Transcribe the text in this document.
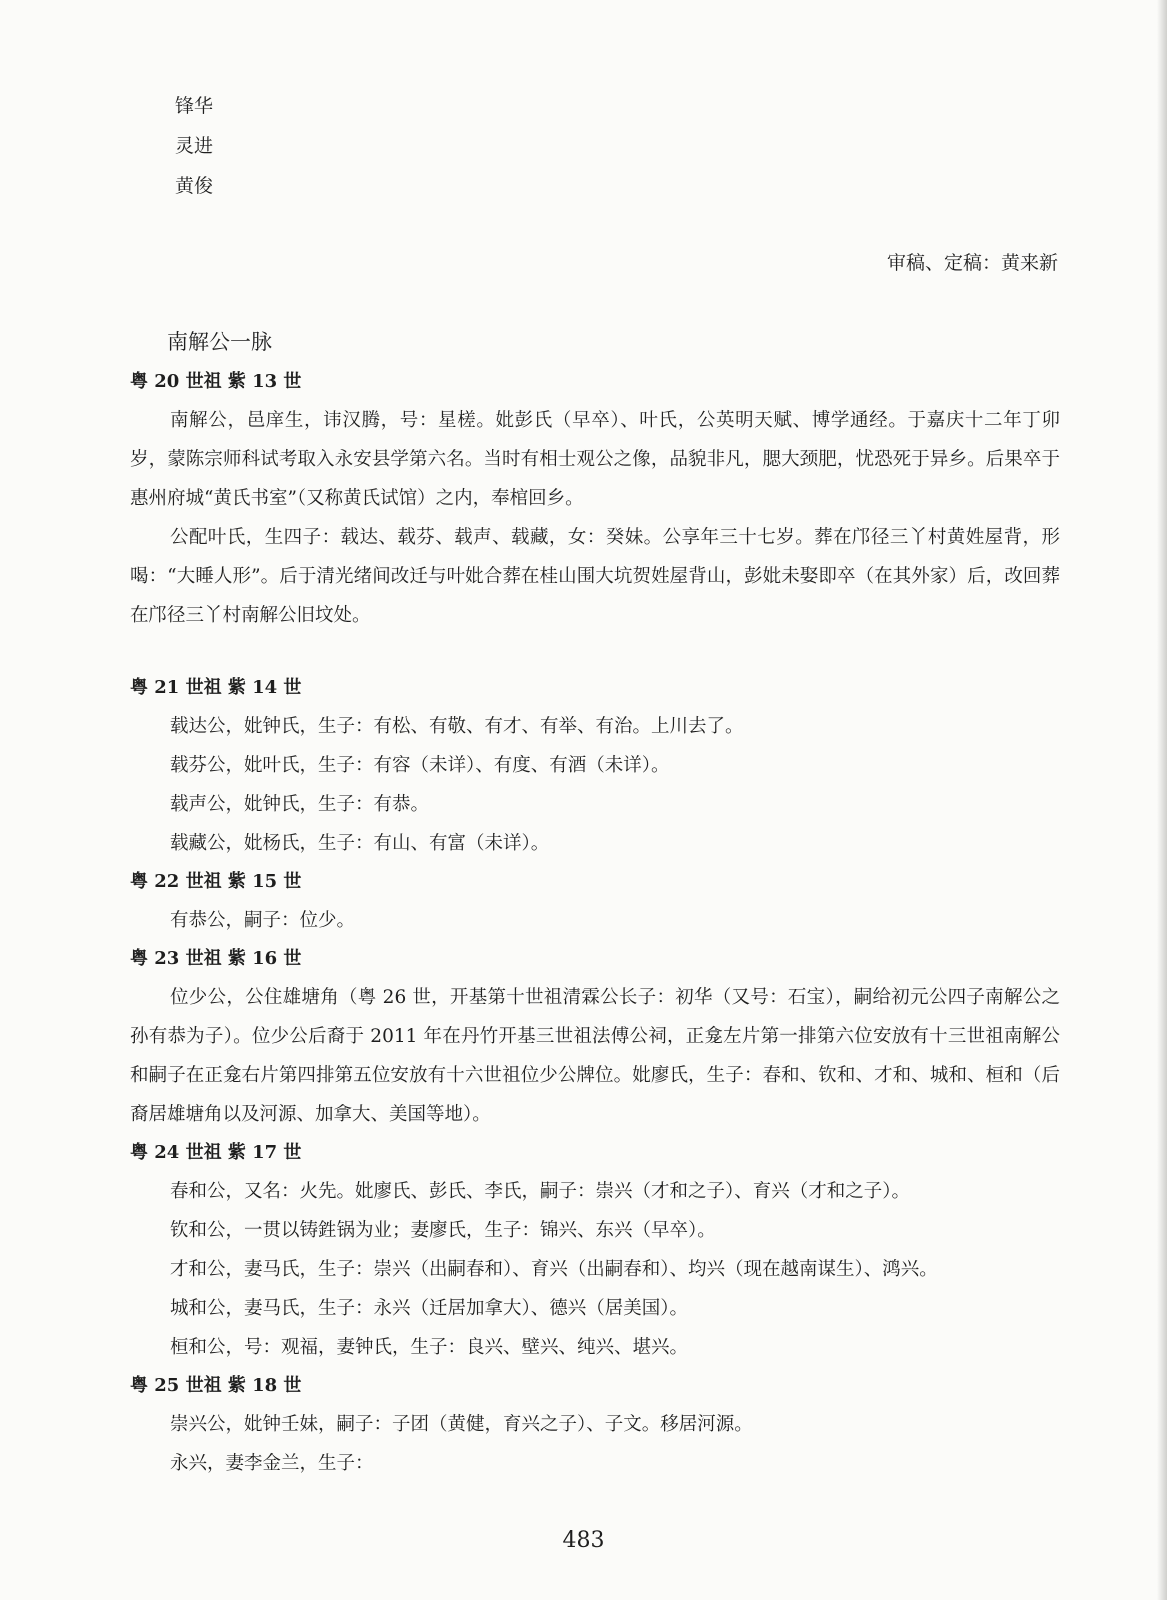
锋华
灵进
黄俊
审稿、定稿：黄来新
南解公一脉
粤 20 世祖 紫 13 世

南解公，邑庠生，讳汉腾，号：星槎。妣彭氏（早卒）、叶氏，公英明天赋、博学通经。于嘉庆十二年丁卯岁，蒙陈宗师科试考取入永安县学第六名。当时有相士观公之像，品貌非凡，腮大颈肥，忧恐死于异乡。后果卒于惠州府城“黄氏书室”（又称黄氏试馆）之内，奉棺回乡。

公配叶氏，生四子：载达、载芬、载声、载藏，女：癸妹。公享年三十七岁。葬在邝径三丫村黄姓屋背，形喝：“大睡人形”。后于清光绪间改迁与叶妣合葬在桂山围大坑贺姓屋背山，彭妣未娶即卒（在其外家）后，改回葬在邝径三丫村南解公旧坟处。

粤 21 世祖 紫 14 世
载达公，妣钟氏，生子：有松、有敬、有才、有举、有治。上川去了。
载芬公，妣叶氏，生子：有容（未详）、有度、有酒（未详）。
载声公，妣钟氏，生子：有恭。
载藏公，妣杨氏，生子：有山、有富（未详）。
粤 22 世祖 紫 15 世
有恭公，嗣子：位少。
粤 23 世祖 紫 16 世

位少公，公住雄塘角（粤 26 世，开基第十世祖清霖公长子：初华（又号：石宝），嗣给初元公四子南解公之孙有恭为子）。位少公后裔于 2011 年在丹竹开基三世祖法傅公祠，正龛左片第一排第六位安放有十三世祖南解公和嗣子在正龛右片第四排第五位安放有十六世祖位少公牌位。妣廖氏，生子：春和、钦和、才和、城和、桓和（后裔居雄塘角以及河源、加拿大、美国等地）。

粤 24 世祖 紫 17 世
春和公，又名：火先。妣廖氏、彭氏、李氏，嗣子：崇兴（才和之子）、育兴（才和之子）。
钦和公，一贯以铸鉎锅为业；妻廖氏，生子：锦兴、东兴（早卒）。
才和公，妻马氏，生子：崇兴（出嗣春和）、育兴（出嗣春和）、均兴（现在越南谋生）、鸿兴。
城和公，妻马氏，生子：永兴（迁居加拿大）、德兴（居美国）。
桓和公，号：观福，妻钟氏，生子：良兴、壁兴、纯兴、堪兴。
粤 25 世祖 紫 18 世
崇兴公，妣钟壬妹，嗣子：子团（黄健，育兴之子）、子文。移居河源。
永兴，妻李金兰，生子：
483
